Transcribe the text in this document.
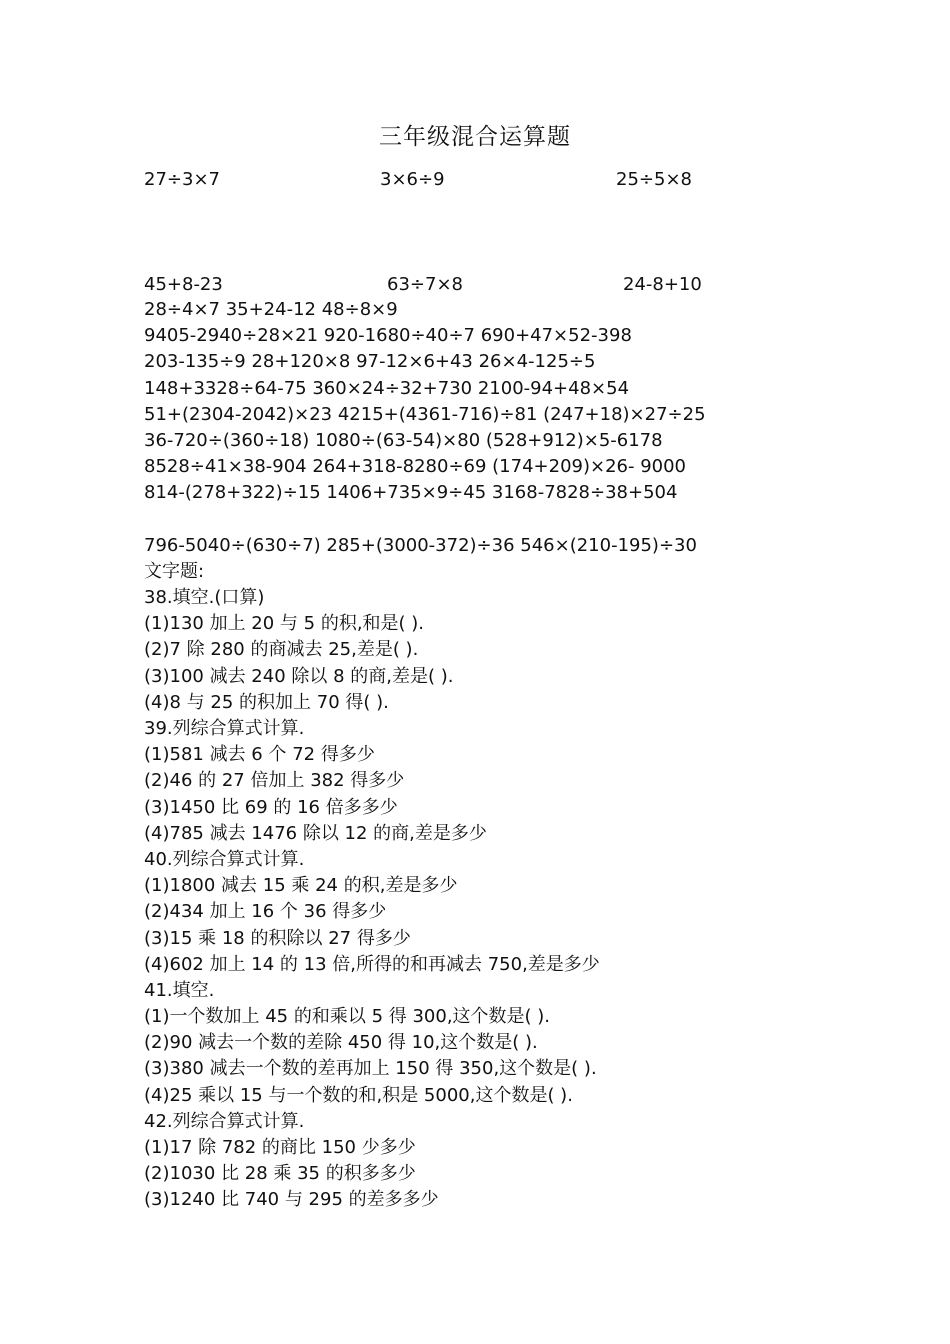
三年级混合运算题
27÷3×7	3×6÷9	25÷5×8
45+8-23	63÷7×8	24-8+10
28÷4×7 35+24-12 48÷8×9
9405-2940÷28×21 920-1680÷40÷7 690+47×52-398
203-135÷9 28+120×8 97-12×6+43 26×4-125÷5
148+3328÷64-75 360×24÷32+730 2100-94+48×54
51+(2304-2042)×23 4215+(4361-716)÷81 (247+18)×27÷25
36-720÷(360÷18) 1080÷(63-54)×80 (528+912)×5-6178
8528÷41×38-904 264+318-8280÷69 (174+209)×26- 9000
814-(278+322)÷15 1406+735×9÷45 3168-7828÷38+504
796-5040÷(630÷7) 285+(3000-372)÷36 546×(210-195)÷30
文字题:
38.填空.(口算)
(1)130 加上 20 与 5 的积,和是( ).
(2)7 除 280 的商减去 25,差是( ).
(3)100 减去 240 除以 8 的商,差是( ).
(4)8 与 25 的积加上 70 得( ).
39.列综合算式计算.
(1)581 减去 6 个 72 得多少
(2)46 的 27 倍加上 382 得多少
(3)1450 比 69 的 16 倍多多少
(4)785 减去 1476 除以 12 的商,差是多少
40.列综合算式计算.
(1)1800 减去 15 乘 24 的积,差是多少
(2)434 加上 16 个 36 得多少
(3)15 乘 18 的积除以 27 得多少
(4)602 加上 14 的 13 倍,所得的和再减去 750,差是多少
41.填空.
(1)一个数加上 45 的和乘以 5 得 300,这个数是( ).
(2)90 减去一个数的差除 450 得 10,这个数是( ).
(3)380 减去一个数的差再加上 150 得 350,这个数是( ).
(4)25 乘以 15 与一个数的和,积是 5000,这个数是( ).
42.列综合算式计算.
(1)17 除 782 的商比 150 少多少
(2)1030 比 28 乘 35 的积多多少
(3)1240 比 740 与 295 的差多多少
